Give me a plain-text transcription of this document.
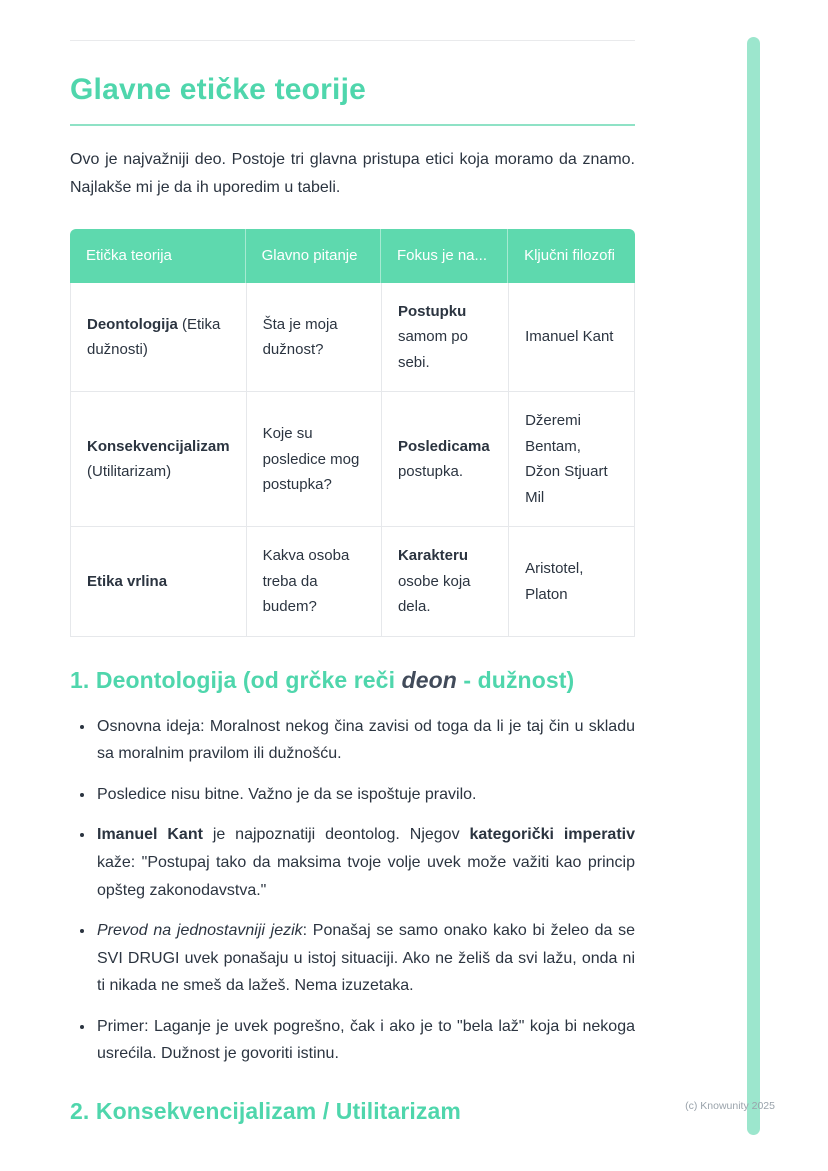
Glavne etičke teorije

Ovo je najvažniji deo. Postoje tri glavna pristupa etici koja moramo da znamo. Najlakše mi je da ih uporedim u tabeli.

Etička teorija	Glavno pitanje	Fokus je na...	Ključni filozofi
Deontologija (Etika dužnosti)	Šta je moja dužnost?	Postupku samom po sebi.	Imanuel Kant
Konsekvencijalizam (Utilitarizam)	Koje su posledice mog postupka?	Posledicama postupka.	Džeremi Bentam, Džon Stjuart Mil
Etika vrlina	Kakva osoba treba da budem?	Karakteru osobe koja dela.	Aristotel, Platon
1. Deontologija (od grčke reči deon - dužnost)
• Osnovna ideja: Moralnost nekog čina zavisi od toga da li je taj čin u skladu sa moralnim pravilom ili dužnošću.
• Posledice nisu bitne. Važno je da se ispoštuje pravilo.
• Imanuel Kant je najpoznatiji deontolog. Njegov kategorički imperativ kaže: "Postupaj tako da maksima tvoje volje uvek može važiti kao princip opšteg zakonodavstva."
• Prevod na jednostavniji jezik: Ponašaj se samo onako kako bi želeo da se SVI DRUGI uvek ponašaju u istoj situaciji. Ako ne želiš da svi lažu, onda ni ti nikada ne smeš da lažeš. Nema izuzetaka.
• Primer: Laganje je uvek pogrešno, čak i ako je to "bela laž" koja bi nekoga usrećila. Dužnost je govoriti istinu.
2. Konsekvencijalizam / Utilitarizam	(c) Knowunity 2025
